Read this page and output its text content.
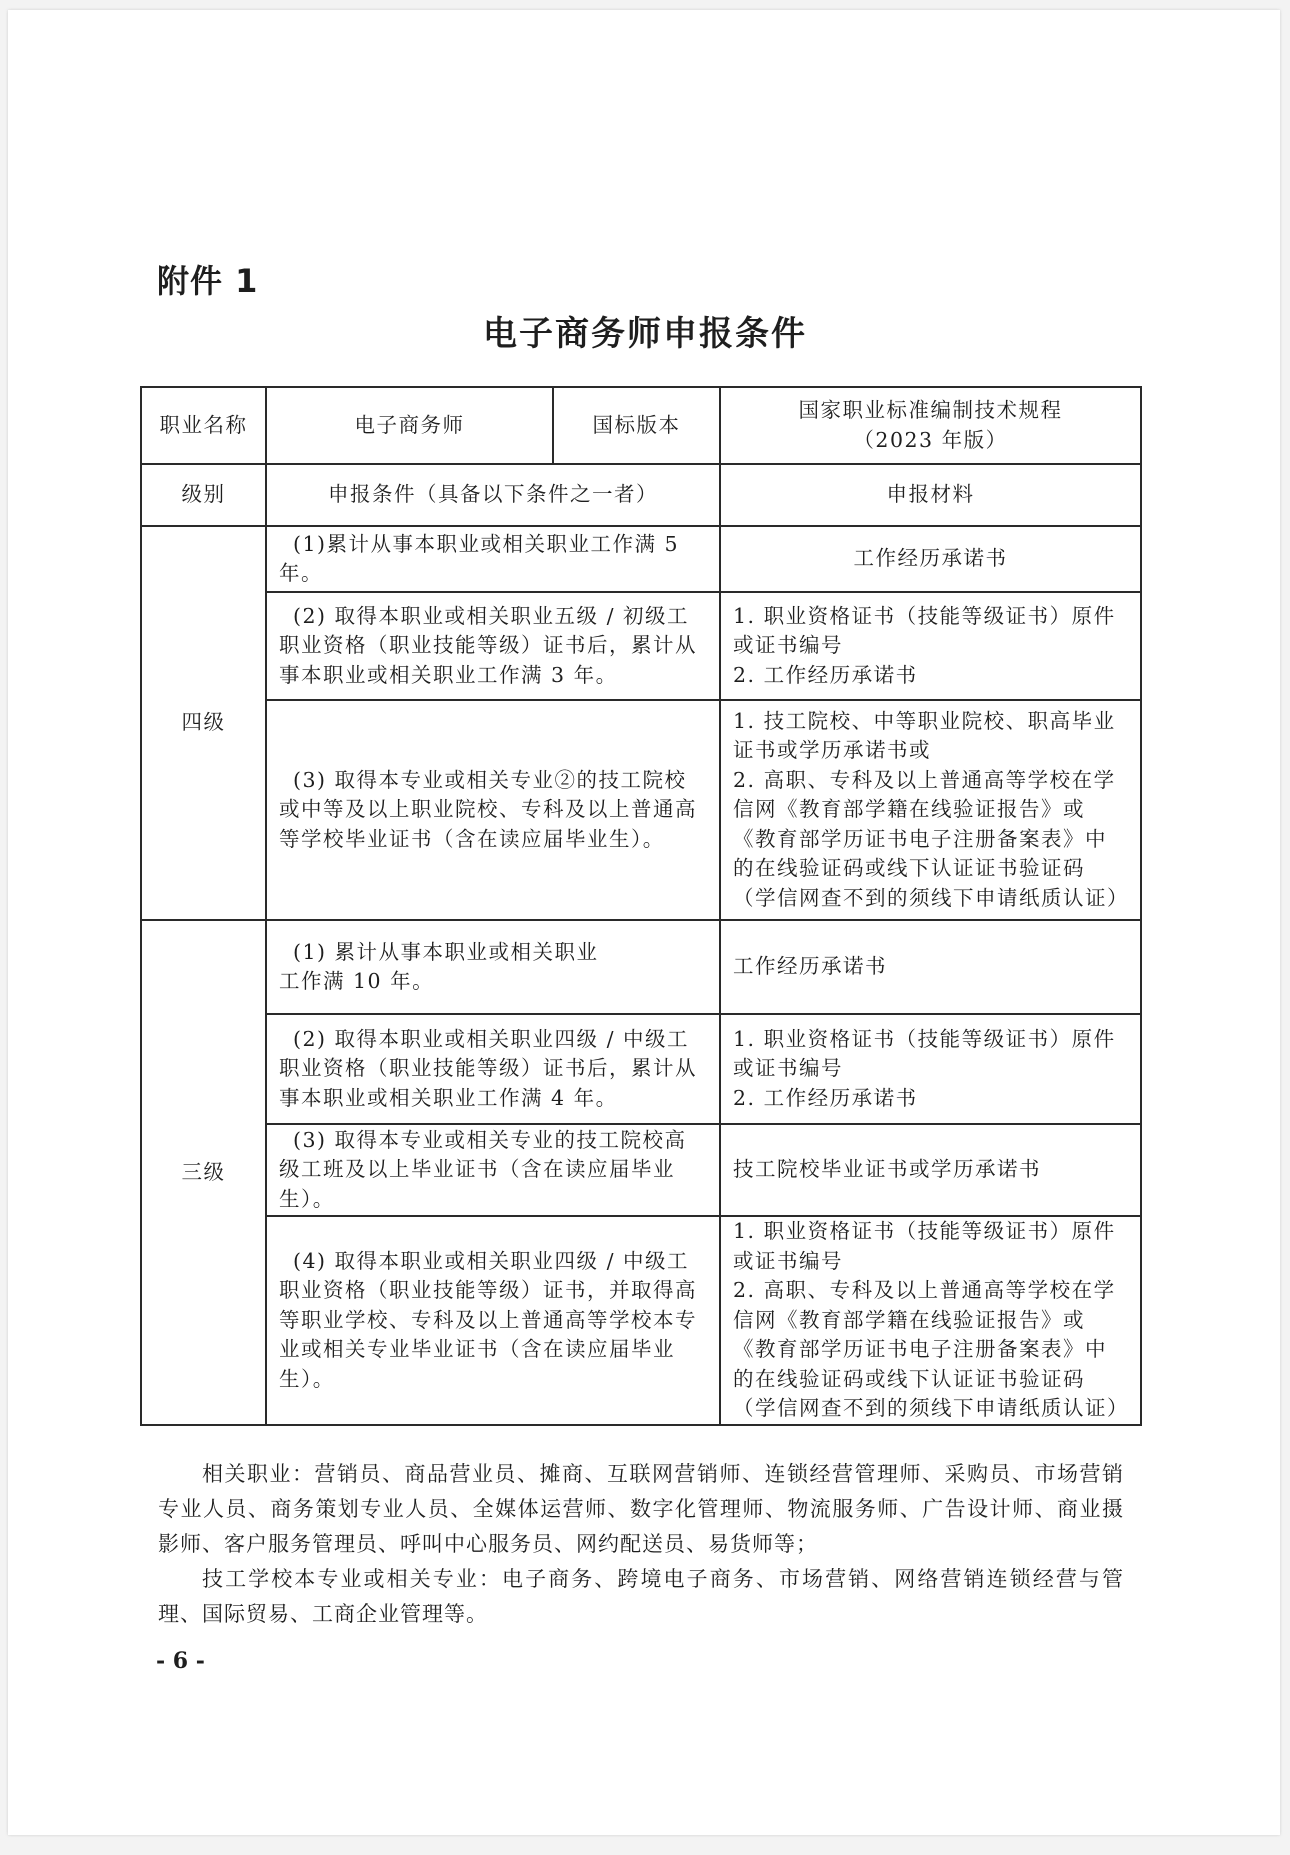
附件 1
电子商务师申报条件
职业名称	电子商务师	国标版本	国家职业标准编制技术规程
（2023 年版）

级别	申报条件（具备以下条件之一者）		申报材料
四级	(1)累计从事本职业或相关职业工作满 5 年。		工作经历承诺书
	(2) 取得本职业或相关职业五级 / 初级工职业资格（职业技能等级）证书后，累计从事本职业或相关职业工作满 3 年。		1. 职业资格证书（技能等级证书）原件或证书编号
2. 工作经历承诺书

	(3) 取得本专业或相关专业②的技工院校或中等及以上职业院校、专科及以上普通高等学校毕业证书（含在读应届毕业生）。		1. 技工院校、中等职业院校、职高毕业证书或学历承诺书或
2. 高职、专科及以上普通高等学校在学信网《教育部学籍在线验证报告》或《教育部学历证书电子注册备案表》中的在线验证码或线下认证证书验证码（学信网查不到的须线下申请纸质认证）

三级	(1) 累计从事本职业或相关职业
工作满 10 年。		工作经历承诺书
	(2) 取得本职业或相关职业四级 / 中级工职业资格（职业技能等级）证书后，累计从事本职业或相关职业工作满 4 年。		1. 职业资格证书（技能等级证书）原件或证书编号
2. 工作经历承诺书

	(3) 取得本专业或相关专业的技工院校高级工班及以上毕业证书（含在读应届毕业生）。		技工院校毕业证书或学历承诺书
	(4) 取得本职业或相关职业四级 / 中级工职业资格（职业技能等级）证书，并取得高等职业学校、专科及以上普通高等学校本专业或相关专业毕业证书（含在读应届毕业生）。		1. 职业资格证书（技能等级证书）原件或证书编号
2. 高职、专科及以上普通高等学校在学信网《教育部学籍在线验证报告》或《教育部学历证书电子注册备案表》中的在线验证码或线下认证证书验证码（学信网查不到的须线下申请纸质认证）

相关职业：营销员、商品营业员、摊商、互联网营销师、连锁经营管理师、采购员、市场营销专业人员、商务策划专业人员、全媒体运营师、数字化管理师、物流服务师、广告设计师、商业摄影师、客户服务管理员、呼叫中心服务员、网约配送员、易货师等；

技工学校本专业或相关专业：电子商务、跨境电子商务、市场营销、网络营销连锁经营与管理、国际贸易、工商企业管理等。

- 6 -
